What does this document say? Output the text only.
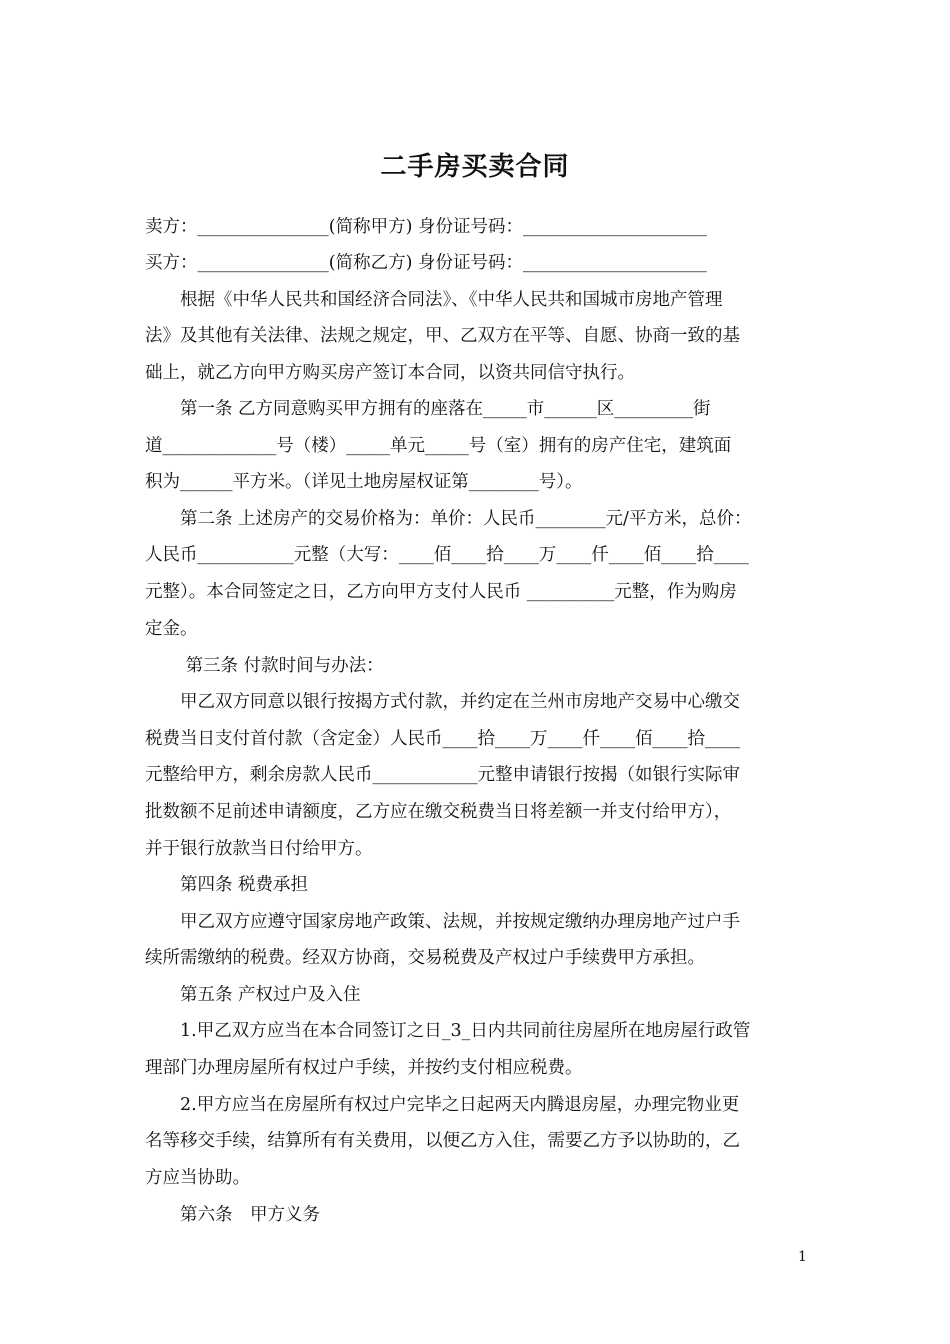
二手房买卖合同
卖方：_______________(简称甲方) 身份证号码：_____________________
买方：_______________(简称乙方) 身份证号码：_____________________
　　根据《中华人民共和国经济合同法》、《中华人民共和国城市房地产管理
法》及其他有关法律、法规之规定，甲、乙双方在平等、自愿、协商一致的基
础上，就乙方向甲方购买房产签订本合同，以资共同信守执行。
　　第一条 乙方同意购买甲方拥有的座落在_____市______区_________街
道_____________号（楼）_____单元_____号（室）拥有的房产住宅，建筑面
积为______平方米。（详见土地房屋权证第________号）。
　　第二条 上述房产的交易价格为：单价：人民币________元/平方米，总价：
人民币___________元整（大写：____佰____拾____万____仟____佰____拾____
元整）。本合同签定之日，乙方向甲方支付人民币 __________元整，作为购房
定金。
　　 第三条 付款时间与办法：
　　甲乙双方同意以银行按揭方式付款，并约定在兰州市房地产交易中心缴交
税费当日支付首付款（含定金）人民币____拾____万____仟____佰____拾____
元整给甲方，剩余房款人民币____________元整申请银行按揭（如银行实际审
批数额不足前述申请额度，乙方应在缴交税费当日将差额一并支付给甲方），
并于银行放款当日付给甲方。
　　第四条 税费承担
　　甲乙双方应遵守国家房地产政策、法规，并按规定缴纳办理房地产过户手
续所需缴纳的税费。经双方协商，交易税费及产权过户手续费甲方承担。
　　第五条 产权过户及入住
　　1.甲乙双方应当在本合同签订之日_3_日内共同前往房屋所在地房屋行政管
理部门办理房屋所有权过户手续，并按约支付相应税费。
　　2.甲方应当在房屋所有权过户完毕之日起两天内腾退房屋，办理完物业更
名等移交手续，结算所有有关费用，以便乙方入住，需要乙方予以协助的，乙
方应当协助。
　　第六条　甲方义务
1
